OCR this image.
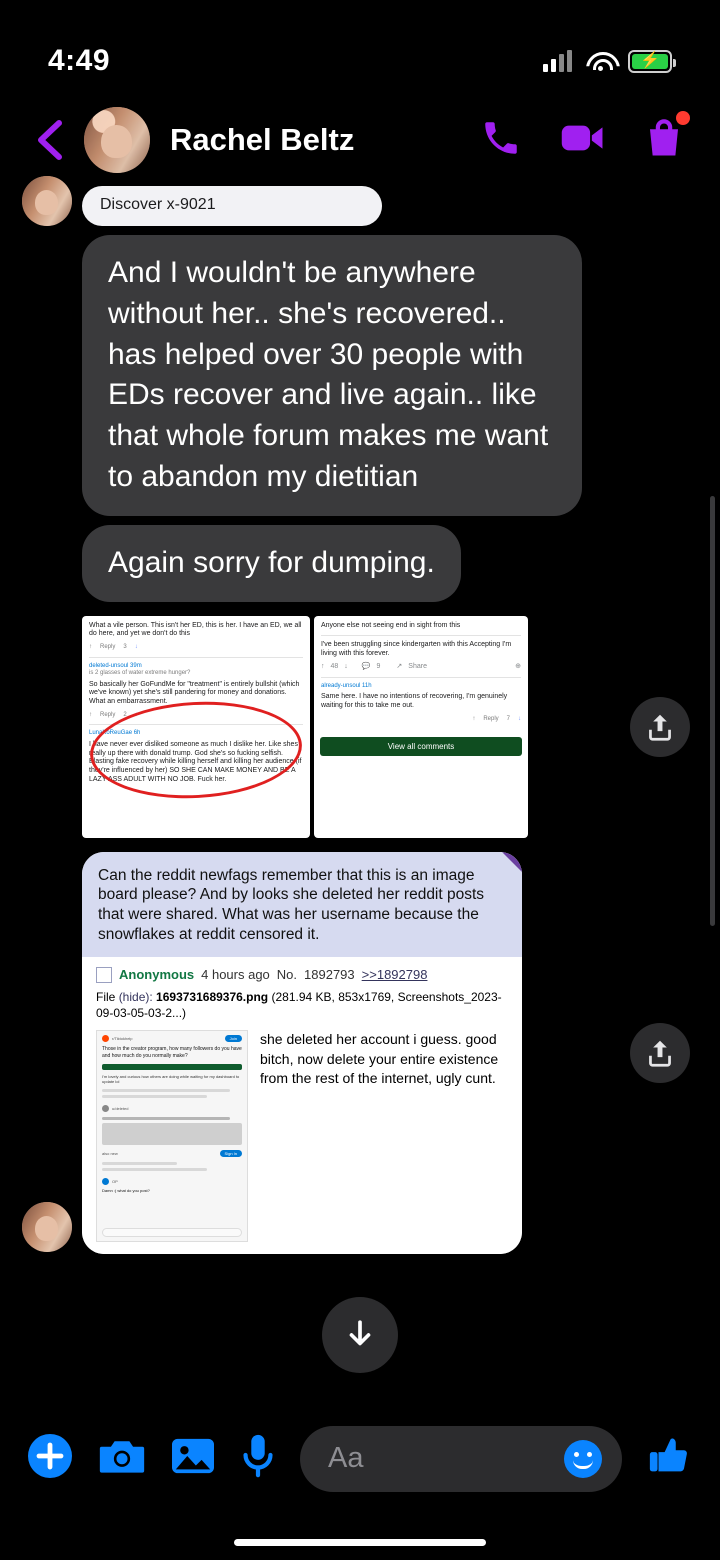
4:49	⚡
Rachel Beltz
Discover x-9021
And I wouldn't be anywhere without her.. she's recovered.. has helped over 30 people with EDs recover and live again.. like that whole forum makes me want to abandon my dietitian
Again sorry for dumping.
What a vile person. This isn't her ED, this is her. I have an ED, we all do here, and yet we don't do this
↑ Reply 3 ↓
deleted-unsoul 39m
is 2 glasses of water extreme hunger?
So basically her GoFundMe for "treatment" is entirely bullshit (which we've known) yet she's still pandering for money and donations. What an embarrassment.
↑ Reply 2 ↓
LunaKoReuGae 6h
I have never ever disliked someone as much I dislike her. Like shes really up there with donald trump. God she's so fucking selfish. Blasting fake recovery while killing herself and killing her audience (if they're influenced by her) SO SHE CAN MAKE MONEY AND BE A LAZY ASS ADULT WITH NO JOB. Fuck her.
Anyone else not seeing end in sight from this
I've been struggling since kindergarten with this Accepting I'm living with this forever.
↑ 48 ↓ 💬 9 ↗ Share	⊕
already-unsoul 11h
Same here. I have no intentions of recovering, I'm genuinely waiting for this to take me out.
↑ Reply 7 ↓
View all comments
Can the reddit newfags remember that this is an image board please? And by looks she deleted her reddit posts that were shared. What was her username because the snowflakes at reddit censored it.
Anonymous 4 hours ago No. 1892793 >>1892798
File (hide): 1693731689376.png (281.94 KB, 853x1769, Screenshots_2023-09-03-05-03-2...)
r/Tiktokhelp	Join
Those in the creator program, how many followers do you have and how much do you normally make?
I'm lovely and curious how others are doing while waiting for my dashboard to update lol
u/deleted
also new	Sign In
OP
Damn :( what do you post?
she deleted her account i guess. good bitch, now delete your entire existence from the rest of the internet, ugly cunt.
Aa
